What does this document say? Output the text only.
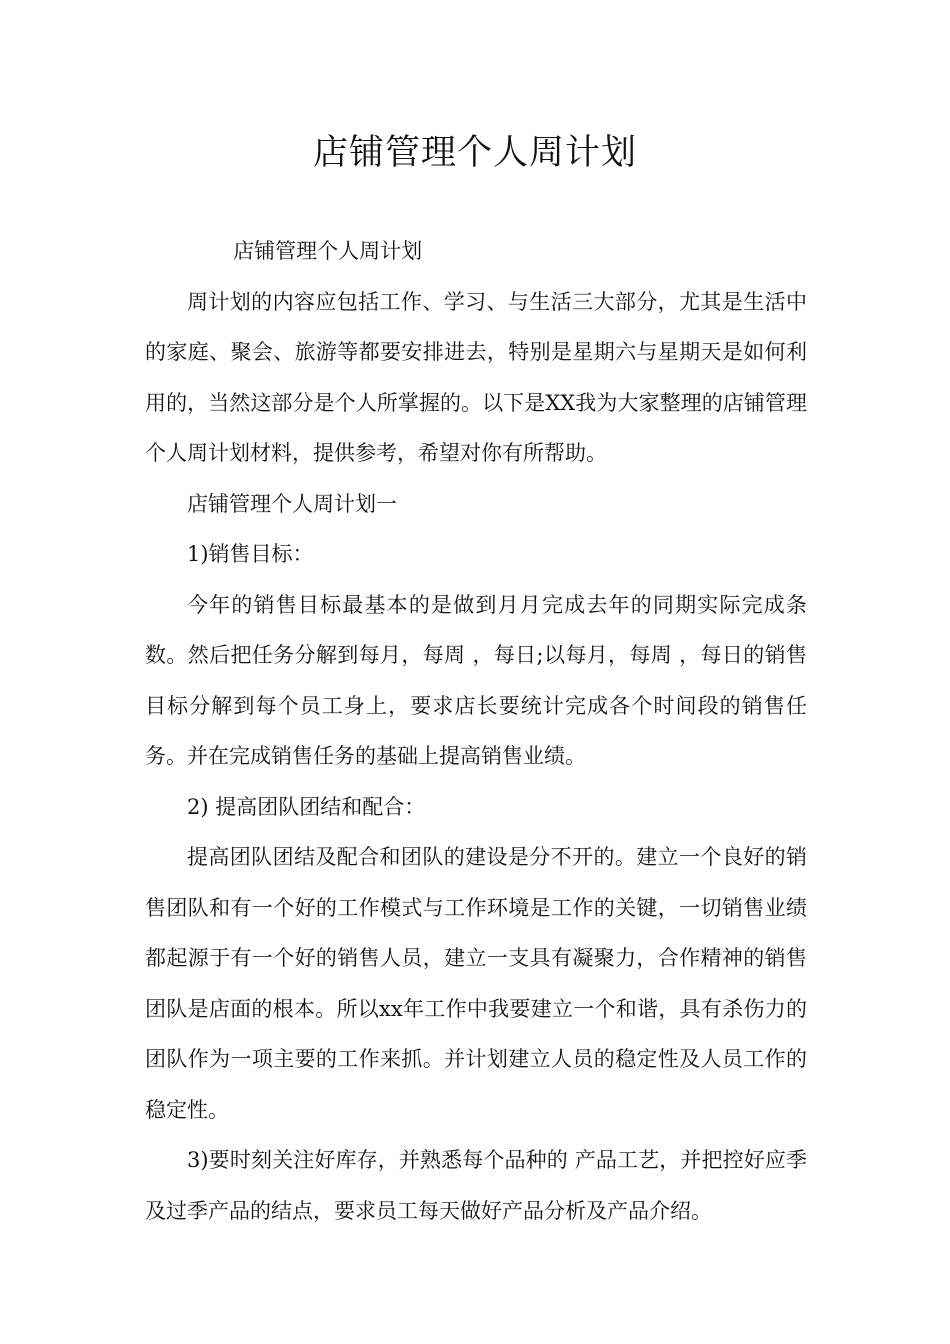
店铺管理个人周计划

店铺管理个人周计划

周计划的内容应包括工作、学习、与生活三大部分，尤其是生活中的家庭、聚会、旅游等都要安排进去，特别是星期六与星期天是如何利用的，当然这部分是个人所掌握的。以下是XX我为大家整理的店铺管理个人周计划材料，提供参考，希望对你有所帮助。

店铺管理个人周计划一

1)销售目标：

今年的销售目标最基本的是做到月月完成去年的同期实际完成条数。然后把任务分解到每月，每周 ，每日;以每月，每周 ，每日的销售目标分解到每个员工身上，要求店长要统计完成各个时间段的销售任务。并在完成销售任务的基础上提高销售业绩。

2) 提高团队团结和配合：

提高团队团结及配合和团队的建设是分不开的。建立一个良好的销售团队和有一个好的工作模式与工作环境是工作的关键，一切销售业绩都起源于有一个好的销售人员，建立一支具有凝聚力，合作精神的销售团队是店面的根本。所以xx年工作中我要建立一个和谐，具有杀伤力的团队作为一项主要的工作来抓。并计划建立人员的稳定性及人员工作的稳定性。

3)要时刻关注好库存，并熟悉每个品种的 产品工艺，并把控好应季及过季产品的结点，要求员工每天做好产品分析及产品介绍。
